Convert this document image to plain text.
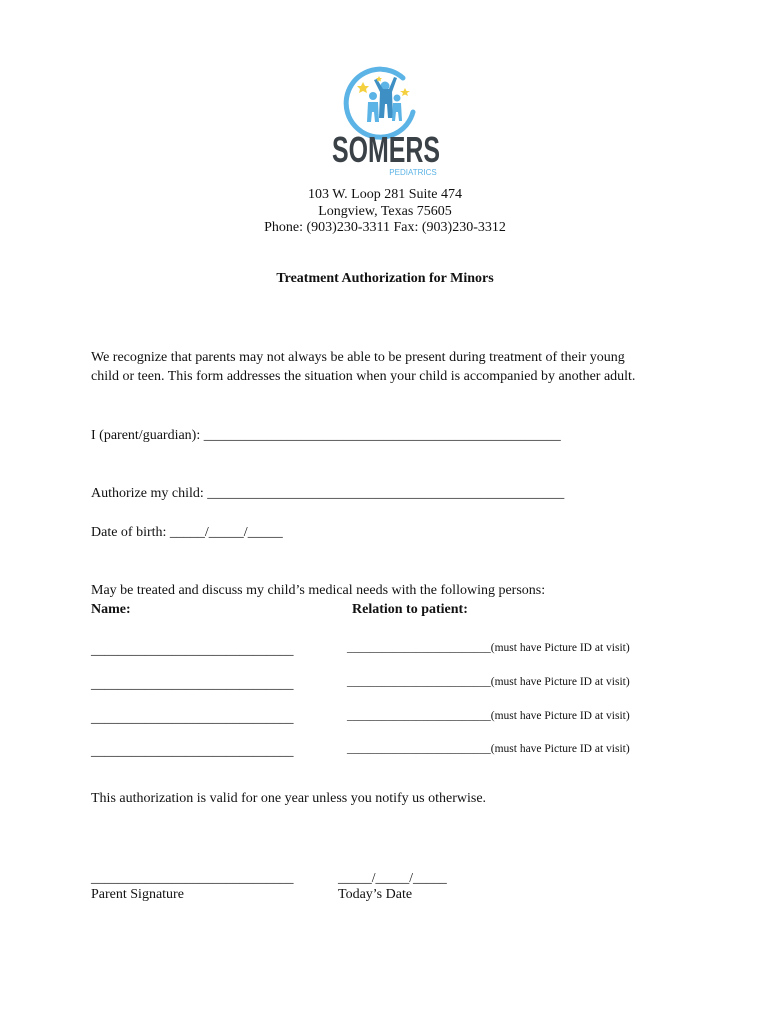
SOMERS
PEDIATRICS
103 W. Loop 281 Suite 474
Longview, Texas 75605
Phone: (903)230-3311 Fax: (903)230-3312
Treatment Authorization for Minors
We recognize that parents may not always be able to be present during treatment of their young
child or teen. This form addresses the situation when your child is accompanied by another adult.
I (parent/guardian): ___________________________________________________
Authorize my child: ___________________________________________________
Date of birth: _____/_____/_____
May be treated and discuss my child’s medical needs with the following persons:
Name:	Relation to patient:
______________________________	_________________________(must have Picture ID at visit)
______________________________	_________________________(must have Picture ID at visit)
______________________________	_________________________(must have Picture ID at visit)
______________________________	_________________________(must have Picture ID at visit)
This authorization is valid for one year unless you notify us otherwise.
______________________________
Parent Signature
_____/_____/_____
Today’s Date
